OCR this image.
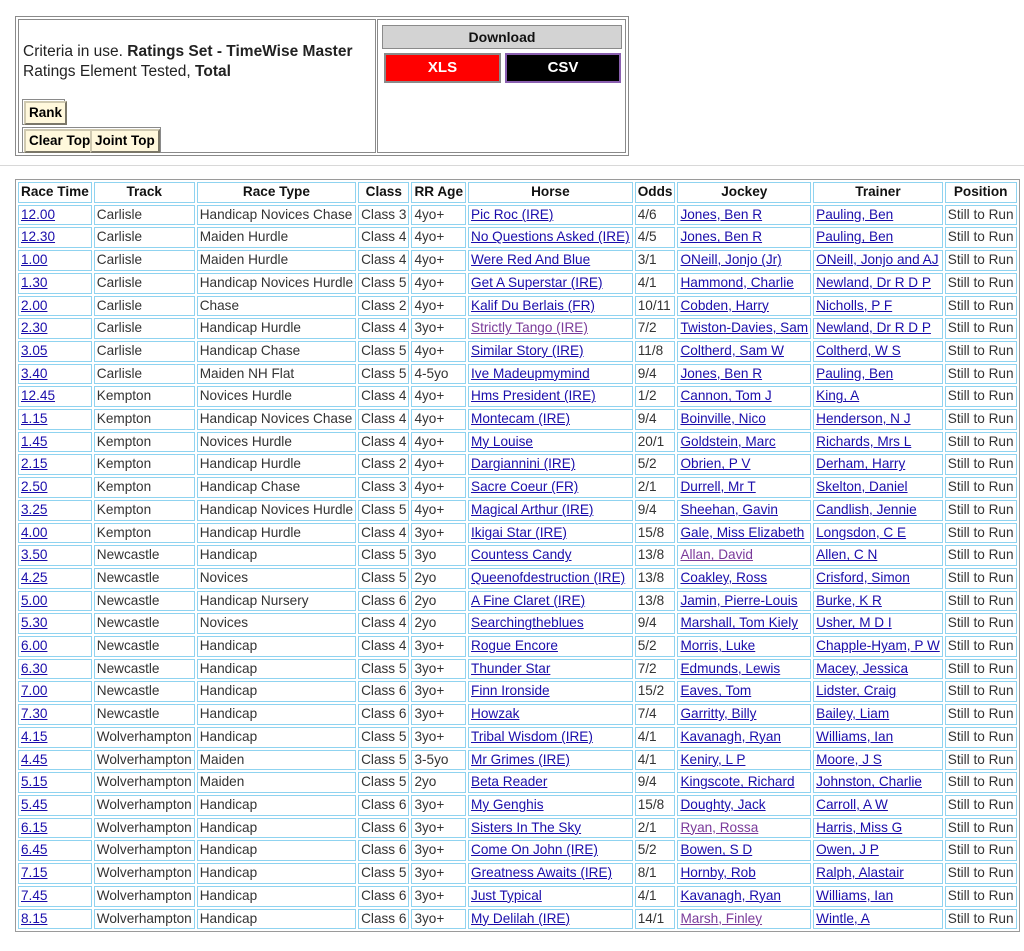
Criteria in use. Ratings Set - TimeWise Master
Ratings Element Tested, Total
Rank
Clear Top Joint Top
Download
XLS	CSV
Race Time	Track	Race Type	Class	RR Age	Horse	Odds	Jockey	Trainer	Position
12.00	Carlisle	Handicap Novices Chase	Class 3	4yo+	Pic Roc (IRE)	4/6	Jones, Ben R	Pauling, Ben	Still to Run
12.30	Carlisle	Maiden Hurdle	Class 4	4yo+	No Questions Asked (IRE)	4/5	Jones, Ben R	Pauling, Ben	Still to Run
1.00	Carlisle	Maiden Hurdle	Class 4	4yo+	Were Red And Blue	3/1	ONeill, Jonjo (Jr)	ONeill, Jonjo and AJ	Still to Run
1.30	Carlisle	Handicap Novices Hurdle	Class 5	4yo+	Get A Superstar (IRE)	4/1	Hammond, Charlie	Newland, Dr R D P	Still to Run
2.00	Carlisle	Chase	Class 2	4yo+	Kalif Du Berlais (FR)	10/11	Cobden, Harry	Nicholls, P F	Still to Run
2.30	Carlisle	Handicap Hurdle	Class 4	3yo+	Strictly Tango (IRE)	7/2	Twiston-Davies, Sam	Newland, Dr R D P	Still to Run
3.05	Carlisle	Handicap Chase	Class 5	4yo+	Similar Story (IRE)	11/8	Coltherd, Sam W	Coltherd, W S	Still to Run
3.40	Carlisle	Maiden NH Flat	Class 5	4-5yo	Ive Madeupmymind	9/4	Jones, Ben R	Pauling, Ben	Still to Run
12.45	Kempton	Novices Hurdle	Class 4	4yo+	Hms President (IRE)	1/2	Cannon, Tom J	King, A	Still to Run
1.15	Kempton	Handicap Novices Chase	Class 4	4yo+	Montecam (IRE)	9/4	Boinville, Nico	Henderson, N J	Still to Run
1.45	Kempton	Novices Hurdle	Class 4	4yo+	My Louise	20/1	Goldstein, Marc	Richards, Mrs L	Still to Run
2.15	Kempton	Handicap Hurdle	Class 2	4yo+	Dargiannini (IRE)	5/2	Obrien, P V	Derham, Harry	Still to Run
2.50	Kempton	Handicap Chase	Class 3	4yo+	Sacre Coeur (FR)	2/1	Durrell, Mr T	Skelton, Daniel	Still to Run
3.25	Kempton	Handicap Novices Hurdle	Class 5	4yo+	Magical Arthur (IRE)	9/4	Sheehan, Gavin	Candlish, Jennie	Still to Run
4.00	Kempton	Handicap Hurdle	Class 4	3yo+	Ikigai Star (IRE)	15/8	Gale, Miss Elizabeth	Longsdon, C E	Still to Run
3.50	Newcastle	Handicap	Class 5	3yo	Countess Candy	13/8	Allan, David	Allen, C N	Still to Run
4.25	Newcastle	Novices	Class 5	2yo	Queenofdestruction (IRE)	13/8	Coakley, Ross	Crisford, Simon	Still to Run
5.00	Newcastle	Handicap Nursery	Class 6	2yo	A Fine Claret (IRE)	13/8	Jamin, Pierre-Louis	Burke, K R	Still to Run
5.30	Newcastle	Novices	Class 4	2yo	Searchingtheblues	9/4	Marshall, Tom Kiely	Usher, M D I	Still to Run
6.00	Newcastle	Handicap	Class 4	3yo+	Rogue Encore	5/2	Morris, Luke	Chapple-Hyam, P W	Still to Run
6.30	Newcastle	Handicap	Class 5	3yo+	Thunder Star	7/2	Edmunds, Lewis	Macey, Jessica	Still to Run
7.00	Newcastle	Handicap	Class 6	3yo+	Finn Ironside	15/2	Eaves, Tom	Lidster, Craig	Still to Run
7.30	Newcastle	Handicap	Class 6	3yo+	Howzak	7/4	Garritty, Billy	Bailey, Liam	Still to Run
4.15	Wolverhampton	Handicap	Class 5	3yo+	Tribal Wisdom (IRE)	4/1	Kavanagh, Ryan	Williams, Ian	Still to Run
4.45	Wolverhampton	Maiden	Class 5	3-5yo	Mr Grimes (IRE)	4/1	Keniry, L P	Moore, J S	Still to Run
5.15	Wolverhampton	Maiden	Class 5	2yo	Beta Reader	9/4	Kingscote, Richard	Johnston, Charlie	Still to Run
5.45	Wolverhampton	Handicap	Class 6	3yo+	My Genghis	15/8	Doughty, Jack	Carroll, A W	Still to Run
6.15	Wolverhampton	Handicap	Class 6	3yo+	Sisters In The Sky	2/1	Ryan, Rossa	Harris, Miss G	Still to Run
6.45	Wolverhampton	Handicap	Class 6	3yo+	Come On John (IRE)	5/2	Bowen, S D	Owen, J P	Still to Run
7.15	Wolverhampton	Handicap	Class 5	3yo+	Greatness Awaits (IRE)	8/1	Hornby, Rob	Ralph, Alastair	Still to Run
7.45	Wolverhampton	Handicap	Class 6	3yo+	Just Typical	4/1	Kavanagh, Ryan	Williams, Ian	Still to Run
8.15	Wolverhampton	Handicap	Class 6	3yo+	My Delilah (IRE)	14/1	Marsh, Finley	Wintle, A	Still to Run
